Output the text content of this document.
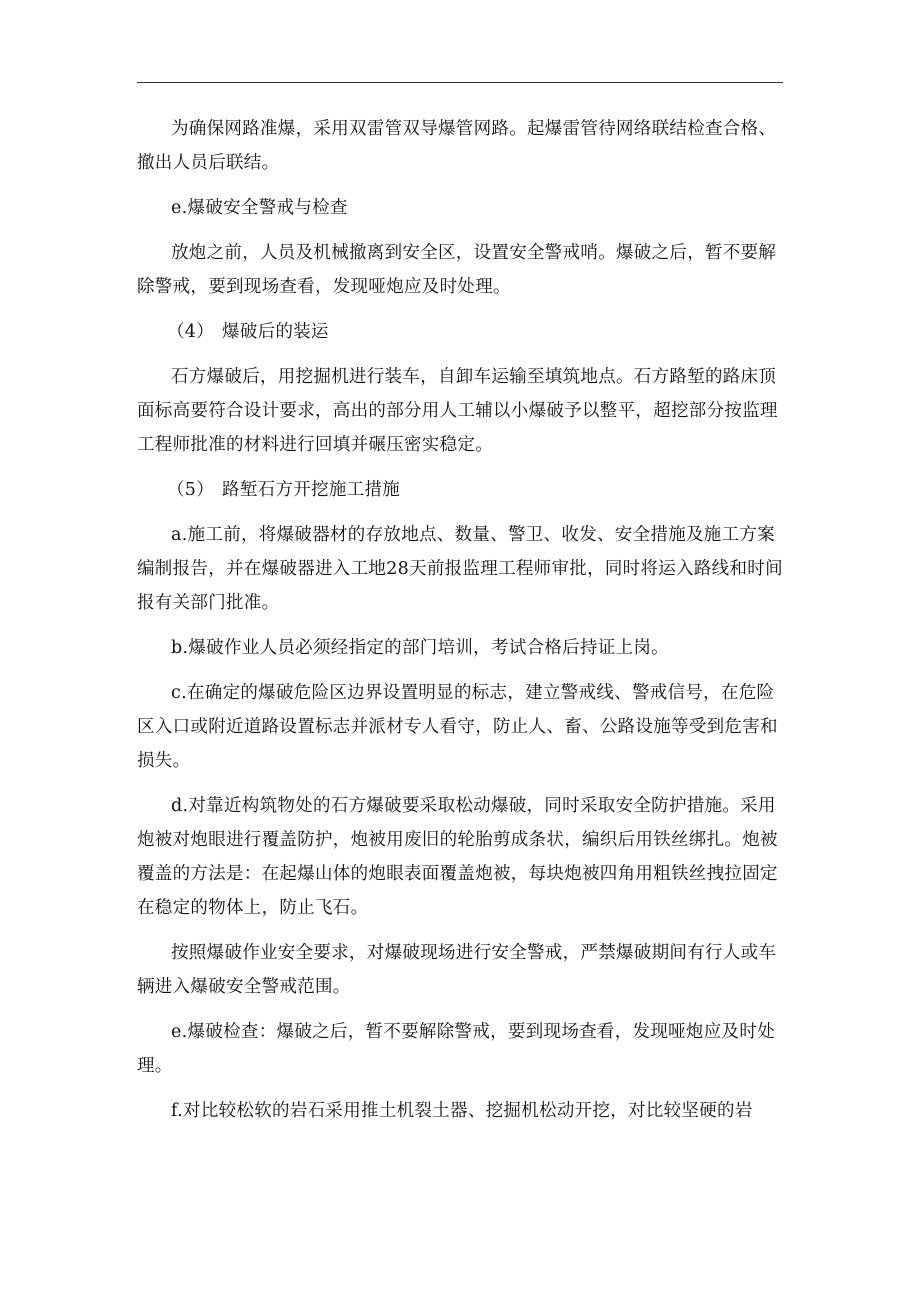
为确保网路准爆，采用双雷管双导爆管网路。起爆雷管待网络联结检查合格、撤出人员后联结。

e.爆破安全警戒与检查

放炮之前，人员及机械撤离到安全区，设置安全警戒哨。爆破之后，暂不要解除警戒，要到现场查看，发现哑炮应及时处理。

（4） 爆破后的装运

石方爆破后，用挖掘机进行装车，自卸车运输至填筑地点。石方路堑的路床顶面标高要符合设计要求，高出的部分用人工辅以小爆破予以整平，超挖部分按监理工程师批准的材料进行回填并碾压密实稳定。

（5） 路堑石方开挖施工措施

a.施工前，将爆破器材的存放地点、数量、警卫、收发、安全措施及施工方案编制报告，并在爆破器进入工地28天前报监理工程师审批，同时将运入路线和时间报有关部门批准。

b.爆破作业人员必须经指定的部门培训，考试合格后持证上岗。

c.在确定的爆破危险区边界设置明显的标志，建立警戒线、警戒信号，在危险区入口或附近道路设置标志并派材专人看守，防止人、畜、公路设施等受到危害和损失。

d.对靠近构筑物处的石方爆破要采取松动爆破，同时采取安全防护措施。采用炮被对炮眼进行覆盖防护，炮被用废旧的轮胎剪成条状，编织后用铁丝绑扎。炮被覆盖的方法是：在起爆山体的炮眼表面覆盖炮被，每块炮被四角用粗铁丝拽拉固定在稳定的物体上，防止飞石。

按照爆破作业安全要求，对爆破现场进行安全警戒，严禁爆破期间有行人或车辆进入爆破安全警戒范围。

e.爆破检查：爆破之后，暂不要解除警戒，要到现场查看，发现哑炮应及时处理。

f.对比较松软的岩石采用推土机裂土器、挖掘机松动开挖，对比较坚硬的岩
